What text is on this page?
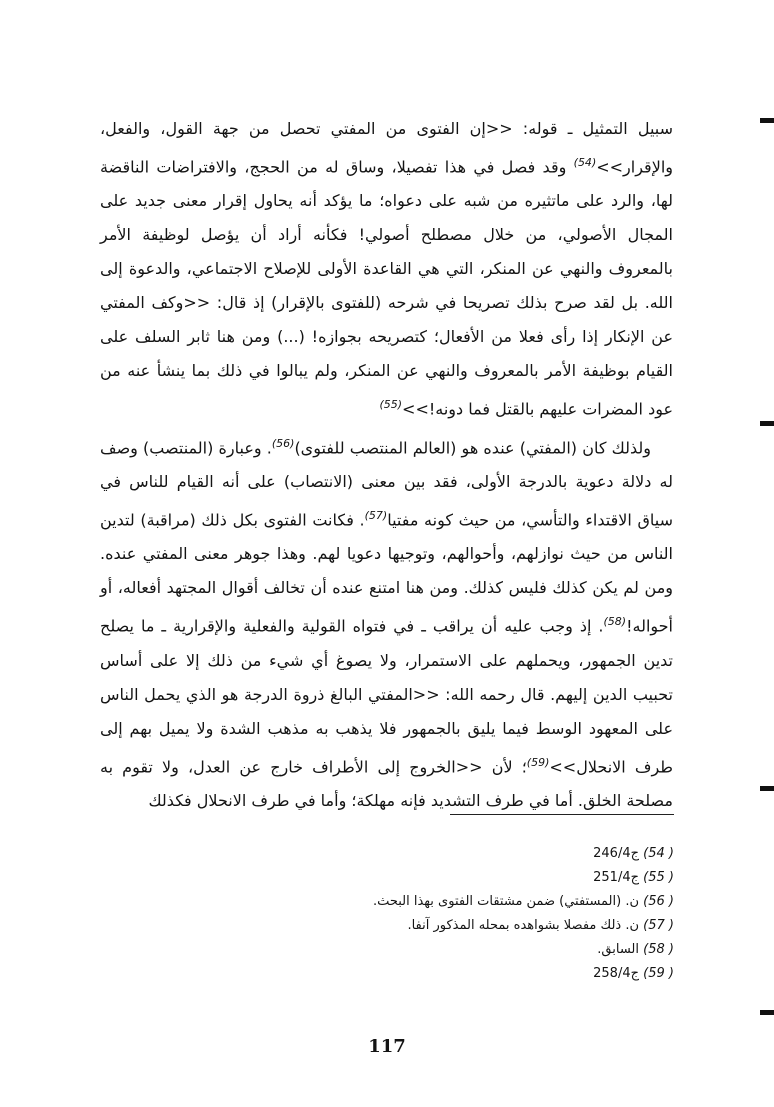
سبيل التمثيل ـ قوله: <<إن الفتوى من المفتي تحصل من جهة القول، والفعل، والإقرار>>$^{(54)}$ وقد فصل في هذا تفصيلا، وساق له من الحجج، والافتراضات الناقضة لها، والرد على ماتثيره من شبه على دعواه؛ ما يؤكد أنه يحاول إقرار معنى جديد على المجال الأصولي، من خلال مصطلح أصولي! فكأنه أراد أن يؤصل لوظيفة الأمر بالمعروف والنهي عن المنكر، التي هي القاعدة الأولى للإصلاح الاجتماعي، والدعوة إلى الله. بل لقد صرح بذلك تصريحا في شرحه (للفتوى بالإقرار) إذ قال: <<وكف المفتي عن الإنكار إذا رأى فعلا من الأفعال؛ كتصريحه بجوازه! (...) ومن هنا ثابر السلف على القيام بوظيفة الأمر بالمعروف والنهي عن المنكر، ولم يبالوا في ذلك بما ينشأ عنه من عود المضرات عليهم بالقتل فما دونه!>>$^{(55)}$
ولذلك كان (المفتي) عنده هو (العالم المنتصب للفتوى)$^{(56)}$. وعبارة (المنتصب) وصف له دلالة دعوية بالدرجة الأولى، فقد بين معنى (الانتصاب) على أنه القيام للناس في سياق الاقتداء والتأسي، من حيث كونه مفتيا$^{(57)}$. فكانت الفتوى بكل ذلك (مراقبة) لتدين الناس من حيث نوازلهم، وأحوالهم، وتوجيها دعويا لهم. وهذا جوهر معنى المفتي عنده. ومن لم يكن كذلك فليس كذلك. ومن هنا امتنع عنده أن تخالف أقوال المجتهد أفعاله، أو أحواله!$^{(58)}$. إذ وجب عليه أن يراقب ـ في فتواه القولية والفعلية والإقرارية ـ ما يصلح تدين الجمهور، ويحملهم على الاستمرار، ولا يصوغ أي شيء من ذلك إلا على أساس تحبيب الدين إليهم. قال رحمه الله: <<المفتي البالغ ذروة الدرجة هو الذي يحمل الناس على المعهود الوسط فيما يليق بالجمهور فلا يذهب به مذهب الشدة ولا يميل بهم إلى طرف الانحلال>>$^{(59)}$؛ لأن <<الخروج إلى الأطراف خارج عن العدل، ولا تقوم به مصلحة الخلق. أما في طرف التشديد فإنه مهلكة؛ وأما في طرف الانحلال فكذلك
( 54) ج246/4
( 55) ج251/4
( 56) ن. (المستفتي) ضمن مشتقات الفتوى بهذا البحث.
( 57) ن. ذلك مفصلا بشواهده بمحله المذكور آنفا.
( 58) السابق.
( 59) ج258/4
117
